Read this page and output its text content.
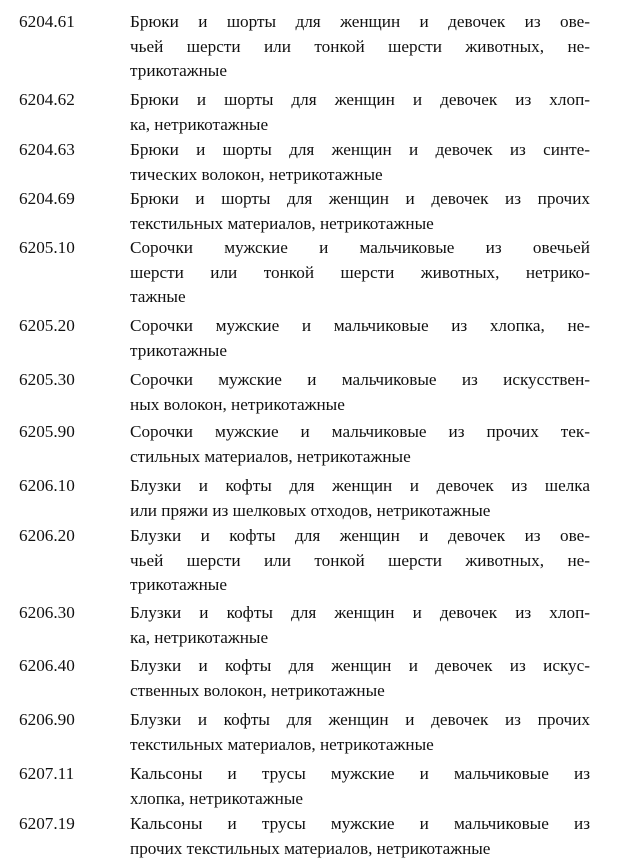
6204.61	Брюки и шорты для женщин и девочек из ове-
чьей шерсти или тонкой шерсти животных, не-
трикотажные
6204.62	Брюки и шорты для женщин и девочек из хлоп-
ка, нетрикотажные
6204.63	Брюки и шорты для женщин и девочек из синте-
тических волокон, нетрикотажные
6204.69	Брюки и шорты для женщин и девочек из прочих
текстильных материалов, нетрикотажные
6205.10	Сорочки мужские и мальчиковые из овечьей
шерсти или тонкой шерсти животных, нетрико-
тажные
6205.20	Сорочки мужские и мальчиковые из хлопка, не-
трикотажные
6205.30	Сорочки мужские и мальчиковые из искусствен-
ных волокон, нетрикотажные
6205.90	Сорочки мужские и мальчиковые из прочих тек-
стильных материалов, нетрикотажные
6206.10	Блузки и кофты для женщин и девочек из шелка
или пряжи из шелковых отходов, нетрикотажные
6206.20	Блузки и кофты для женщин и девочек из ове-
чьей шерсти или тонкой шерсти животных, не-
трикотажные
6206.30	Блузки и кофты для женщин и девочек из хлоп-
ка, нетрикотажные
6206.40	Блузки и кофты для женщин и девочек из искус-
ственных волокон, нетрикотажные
6206.90	Блузки и кофты для женщин и девочек из прочих
текстильных материалов, нетрикотажные
6207.11	Кальсоны и трусы мужские и мальчиковые из
хлопка, нетрикотажные
6207.19	Кальсоны и трусы мужские и мальчиковые из
прочих текстильных материалов, нетрикотажные
